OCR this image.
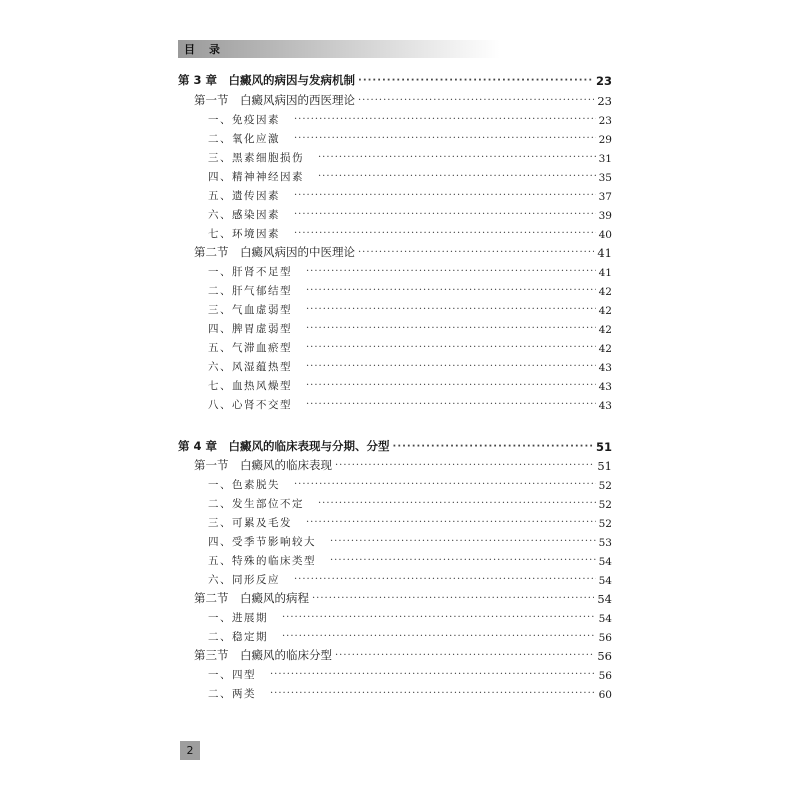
目录
第 3 章　白癜风的病因与发病机制 ·····	23
第一节　白癜风病因的西医理论 ·····	23
一、免疫因素 ·····	23
二、氧化应激 ·····	29
三、黑素细胞损伤 ·····	31
四、精神神经因素 ·····	35
五、遗传因素 ·····	37
六、感染因素 ·····	39
七、环境因素 ·····	40
第二节　白癜风病因的中医理论 ·····	41
一、肝肾不足型 ·····	41
二、肝气郁结型 ·····	42
三、气血虚弱型 ·····	42
四、脾胃虚弱型 ·····	42
五、气滞血瘀型 ·····	42
六、风湿蕴热型 ·····	43
七、血热风燥型 ·····	43
八、心肾不交型 ·····	43
第 4 章　白癜风的临床表现与分期、分型 ·····	51
第一节　白癜风的临床表现 ·····	51
一、色素脱失 ·····	52
二、发生部位不定 ·····	52
三、可累及毛发 ·····	52
四、受季节影响较大 ·····	53
五、特殊的临床类型 ·····	54
六、同形反应 ·····	54
第二节　白癜风的病程 ·····	54
一、进展期 ·····	54
二、稳定期 ·····	56
第三节　白癜风的临床分型 ·····	56
一、四型 ·····	56
二、两类 ·····	60
2
